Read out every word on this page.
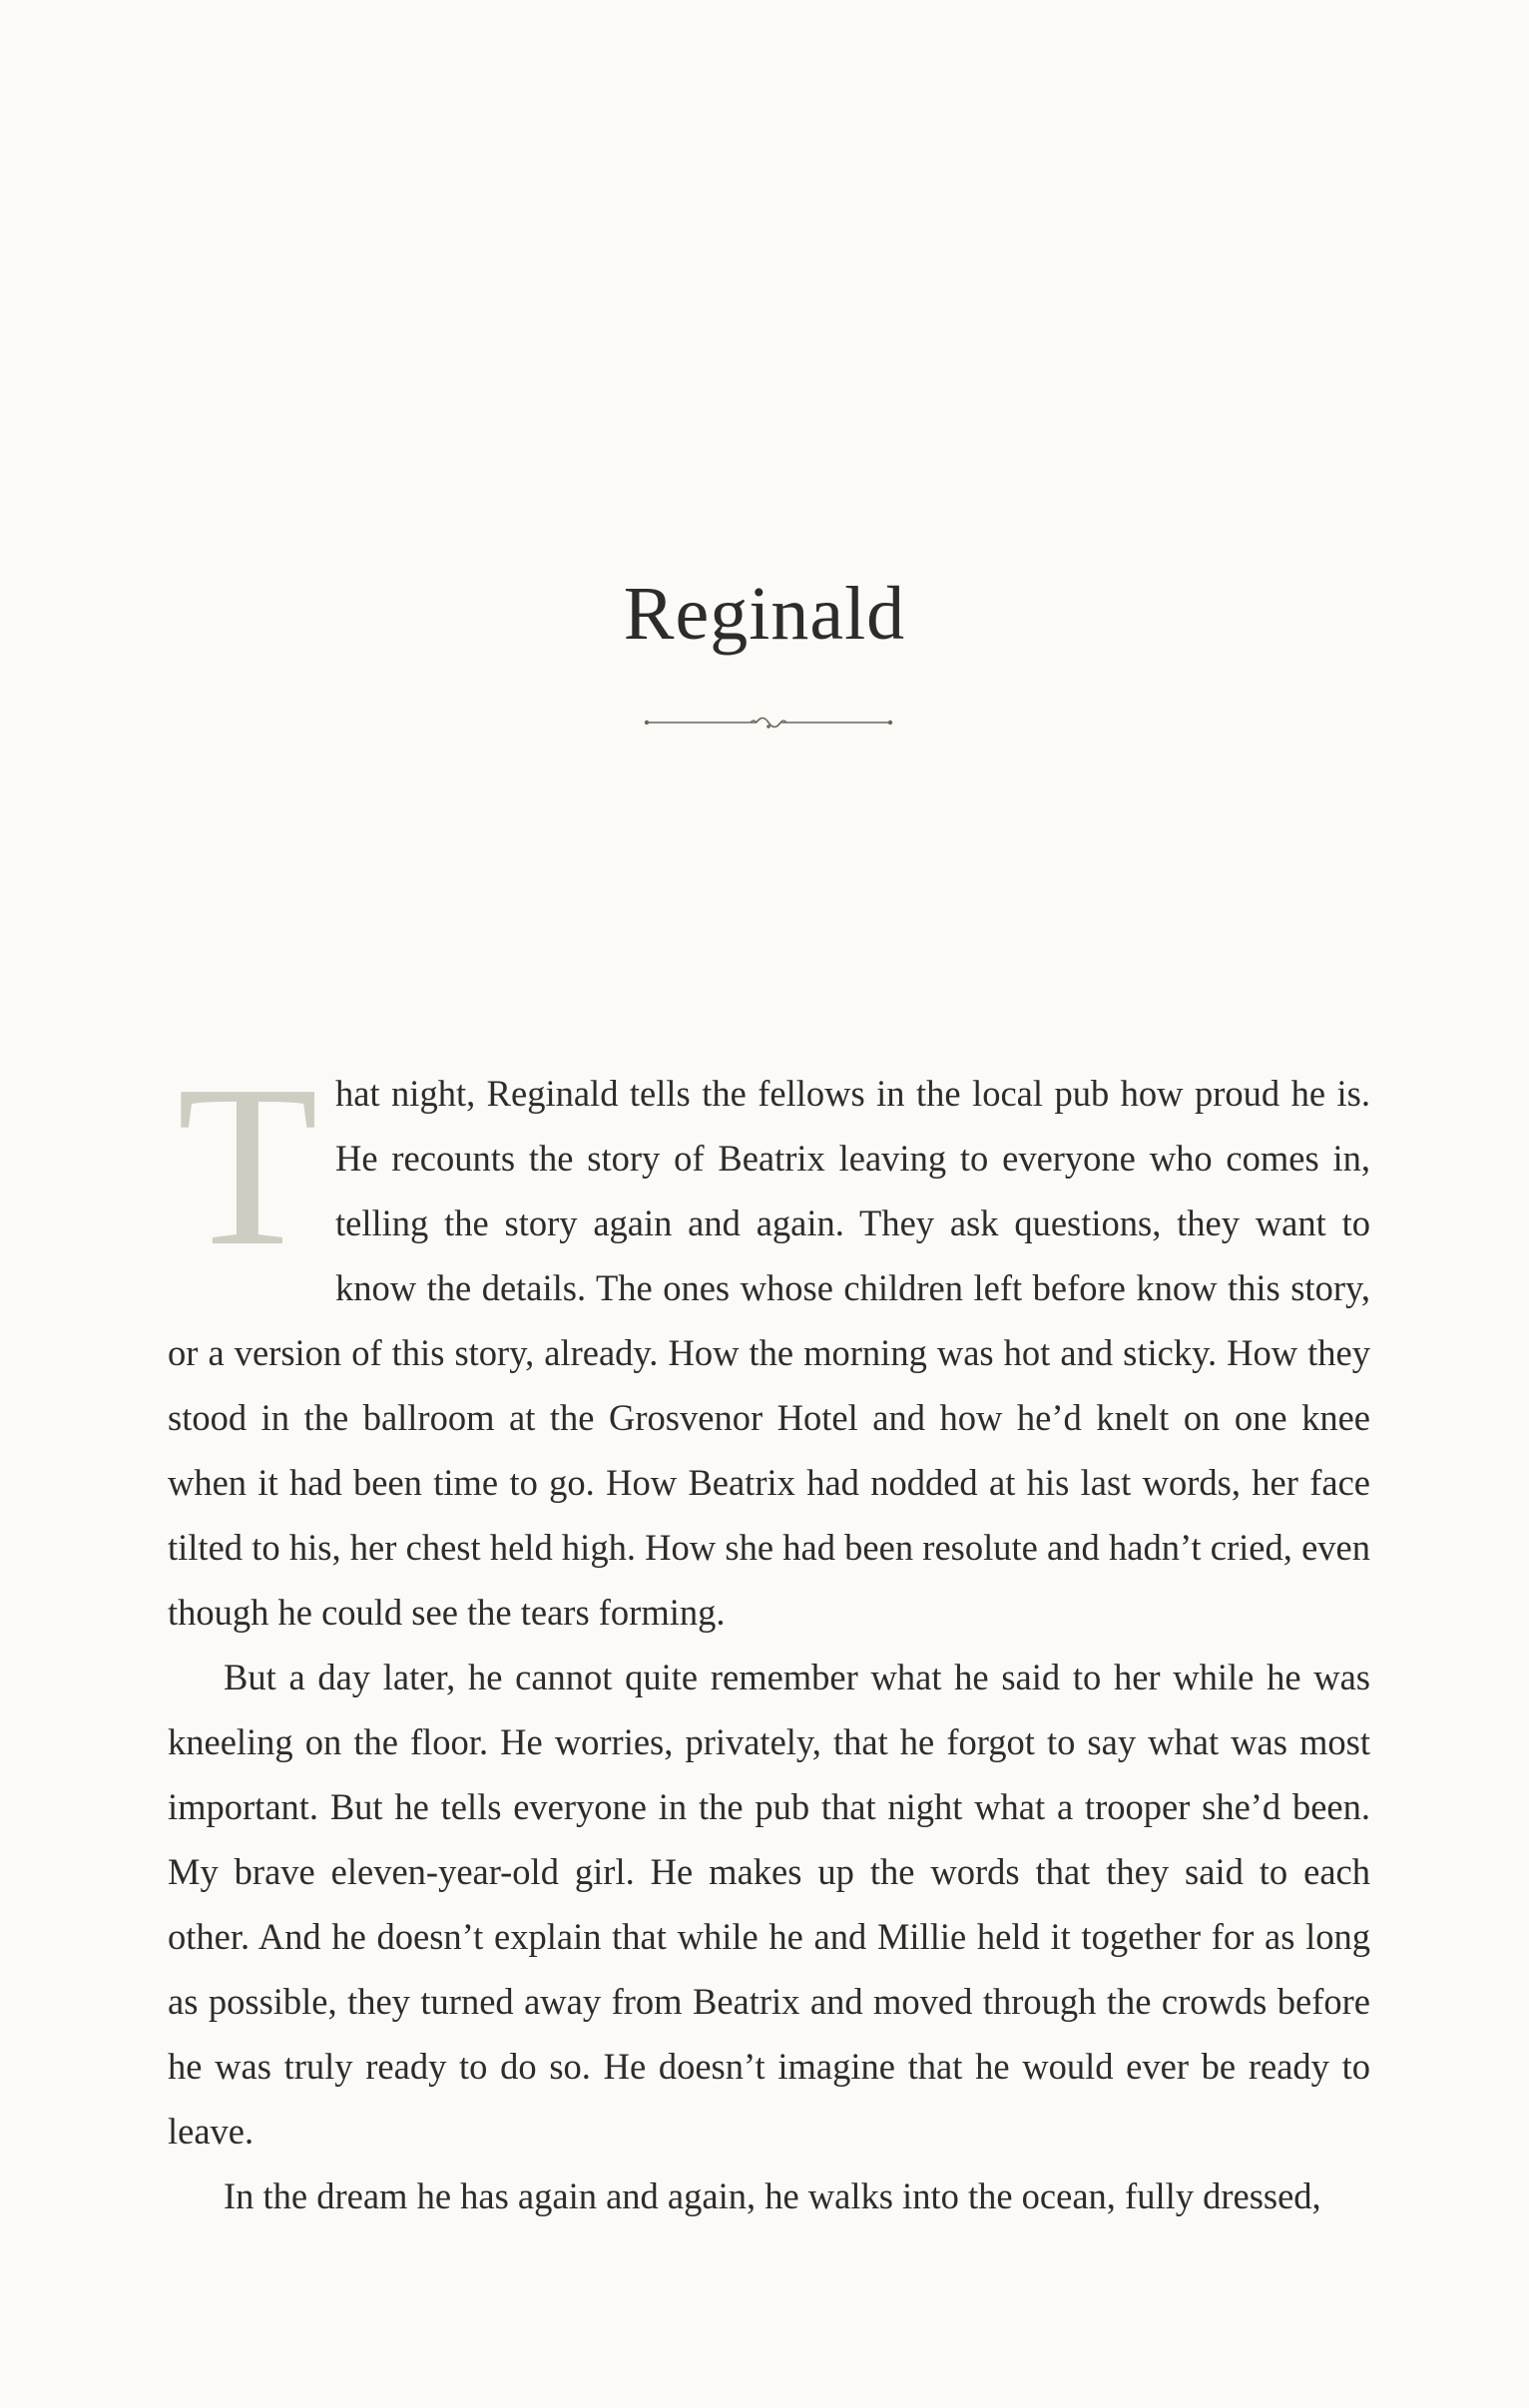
Reginald

That night, Reginald tells the fellows in the local pub how proud he is. He recounts the story of Beatrix leaving to everyone who comes in, telling the story again and again. They ask questions, they want to know the details. The ones whose children left before know this story, or a version of this story, already. How the morning was hot and sticky. How they stood in the ballroom at the Grosvenor Hotel and how he’d knelt on one knee when it had been time to go. How Beatrix had nodded at his last words, her face tilted to his, her chest held high. How she had been resolute and hadn’t cried, even though he could see the tears forming.

But a day later, he cannot quite remember what he said to her while he was kneeling on the floor. He worries, privately, that he forgot to say what was most important. But he tells everyone in the pub that night what a trooper she’d been. My brave eleven-year-old girl. He makes up the words that they said to each other. And he doesn’t explain that while he and Millie held it together for as long as possible, they turned away from Beatrix and moved through the crowds before he was truly ready to do so. He doesn’t imagine that he would ever be ready to leave.

In the dream he has again and again, he walks into the ocean, fully dressed,
